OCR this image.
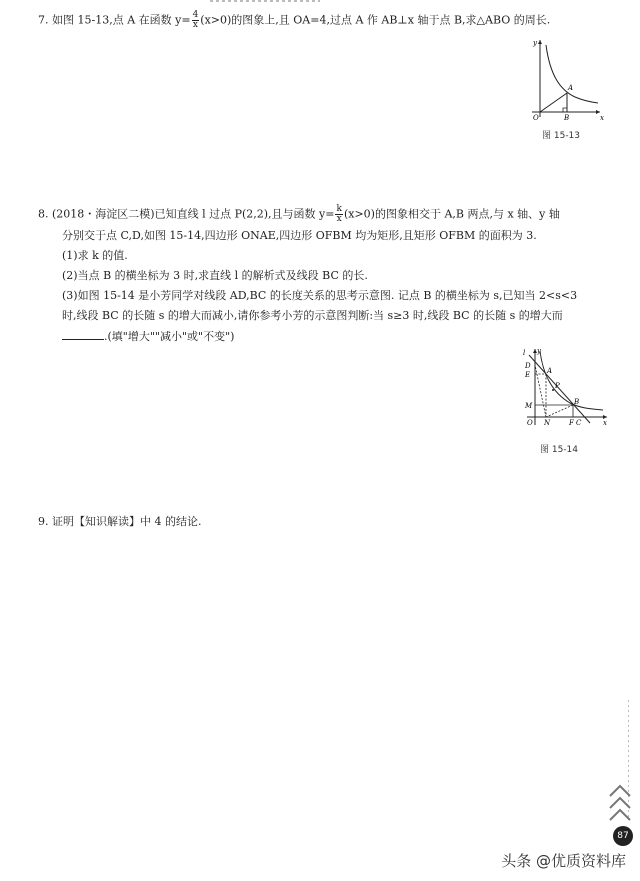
7. 如图 15-13,点 A 在函数 $y= \frac{4}{x} (x>0)$的图象上,且 OA=4,过点 A 作 AB⊥x 轴于点 B,求△ABO 的周长.
y
x
A
O	B
图 15-13
8. (2018・海淀区二模)已知直线 l 过点 P(2,2),且与函数 $y= \frac{k}{x} (x>0)$的图象相交于 A,B 两点,与 x 轴、y 轴
分别交于点 C,D,如图 15-14,四边形 ONAE,四边形 OFBM 均为矩形,且矩形 OFBM 的面积为 3.
(1)求 k 的值.
(2)当点 B 的横坐标为 3 时,求直线 l 的解析式及线段 BC 的长.
(3)如图 15-14 是小芳同学对线段 AD,BC 的长度关系的思考示意图. 记点 B 的横坐标为 s,已知当 2<s<3
时,线段 BC 的长随 s 的增大而减小,请你参考小芳的示意图判断:当 s≥3 时,线段 BC 的长随 s 的增大而
.(填"增大""减小"或"不变")
l y
D
E A
P
M	B
O N	F C	x
图 15-14
9. 证明【知识解读】中 4 的结论.
87
头条 @优质资料库
